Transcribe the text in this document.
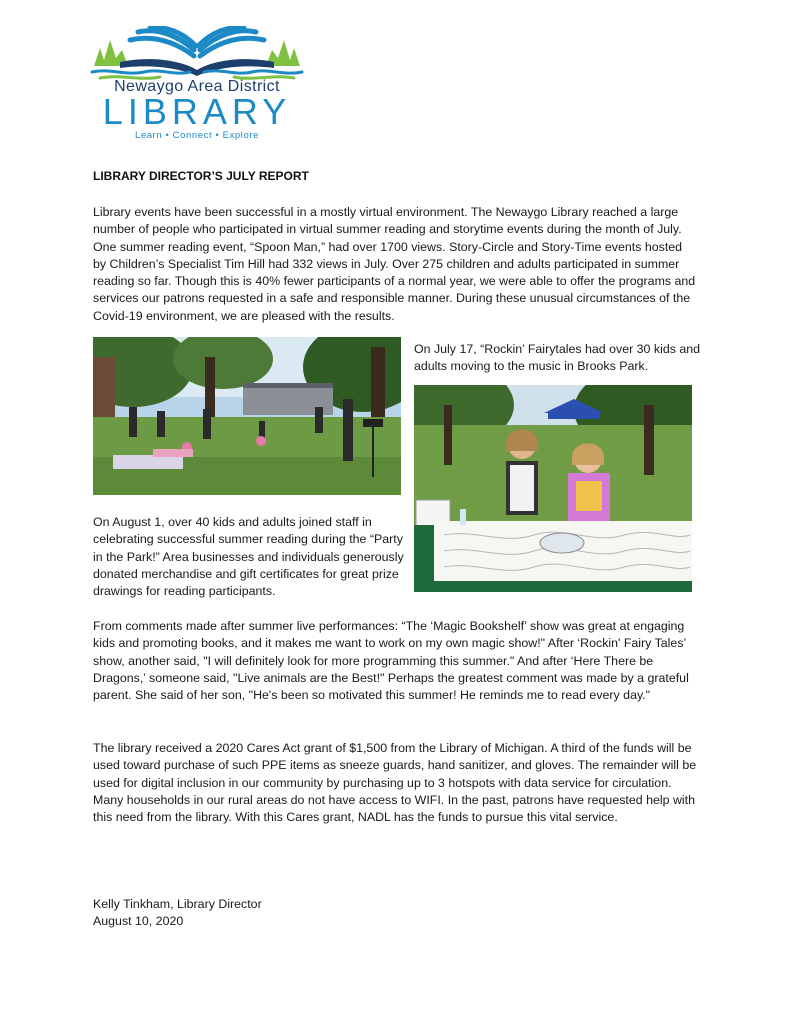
Newaygo Area District
LIBRARY
Learn • Connect • Explore
LIBRARY DIRECTOR’S JULY REPORT
Library events have been successful in a mostly virtual environment. The Newaygo Library reached a large number of people who participated in virtual summer reading and storytime events during the month of July. One summer reading event, “Spoon Man,” had over 1700 views. Story-Circle and Story-Time events hosted by Children’s Specialist Tim Hill had 332 views in July. Over 275 children and adults participated in summer reading so far. Though this is 40% fewer participants of a normal year, we were able to offer the programs and services our patrons requested in a safe and responsible manner. During these unusual circumstances of the Covid-19 environment, we are pleased with the results.
On July 17, “Rockin’ Fairytales had over 30 kids and adults moving to the music in Brooks Park.
On August 1, over 40 kids and adults joined staff in celebrating successful summer reading during the “Party in the Park!” Area businesses and individuals generously donated merchandise and gift certificates for great prize drawings for reading participants.
From comments made after summer live performances: “The ‘Magic Bookshelf’ show was great at engaging kids and promoting books, and it makes me want to work on my own magic show!" After ‘Rockin' Fairy Tales’ show, another said, "I will definitely look for more programming this summer." And after ‘Here There be Dragons,’ someone said, "Live animals are the Best!" Perhaps the greatest comment was made by a grateful parent. She said of her son, "He's been so motivated this summer! He reminds me to read every day."
The library received a 2020 Cares Act grant of $1,500 from the Library of Michigan. A third of the funds will be used toward purchase of such PPE items as sneeze guards, hand sanitizer, and gloves. The remainder will be used for digital inclusion in our community by purchasing up to 3 hotspots with data service for circulation. Many households in our rural areas do not have access to WIFI. In the past, patrons have requested help with this need from the library. With this Cares grant, NADL has the funds to pursue this vital service.
Kelly Tinkham, Library Director
August 10, 2020
